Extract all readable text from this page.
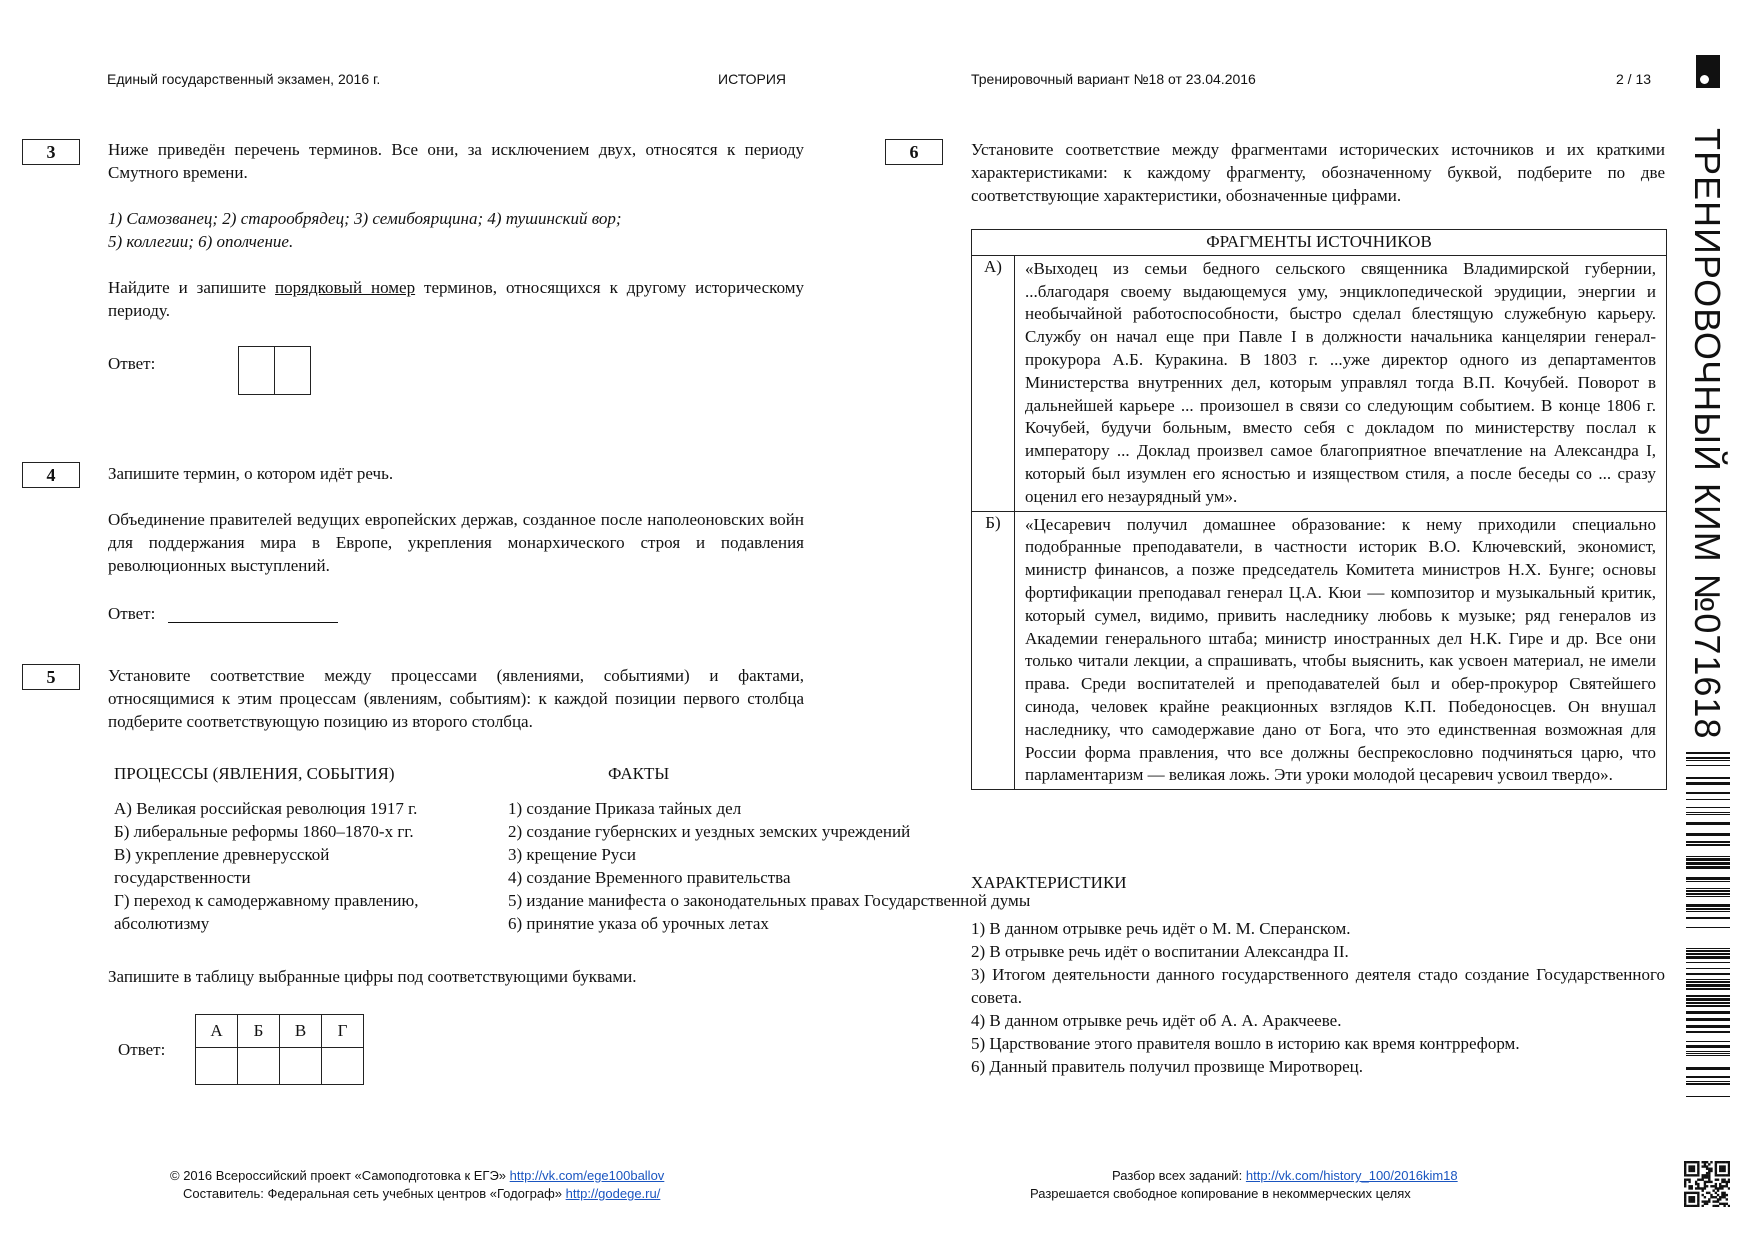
Единый государственный экзамен, 2016 г.	ИСТОРИЯ	Тренировочный вариант №18 от 23.04.2016	2 / 13
ТРЕНИРОВОЧНЫЙ КИМ №071618
3	Ниже приведён перечень терминов. Все они, за исключением двух, относятся к периоду Смутного времени.
1) Самозванец; 2) старообрядец; 3) семибоярщина; 4) тушинский вор;
5) коллегии; 6) ополчение.
Найдите и запишите порядковый номер терминов, относящихся к другому историческому периоду.
Ответ:
4	Запишите термин, о котором идёт речь.
Объединение правителей ведущих европейских держав, созданное после наполеоновских войн для поддержания мира в Европе, укрепления монархического строя и подавления революционных выступлений.
Ответ:
5	Установите соответствие между процессами (явлениями, событиями) и фактами, относящимися к этим процессам (явлениям, событиям): к каждой позиции первого столбца подберите соответствующую позицию из второго столбца.
ПРОЦЕССЫ (ЯВЛЕНИЯ, СОБЫТИЯ)	ФАКТЫ
А) Великая российская революция 1917 г.
Б) либеральные реформы 1860–1870-х гг.
В) укрепление древнерусской государственности
Г) переход к самодержавному правлению, абсолютизму
1) создание Приказа тайных дел
2) создание губернских и уездных земских учреждений
3) крещение Руси
4) создание Временного правительства
5) издание манифеста о законодательных правах Государственной думы
6) принятие указа об урочных летах
Запишите в таблицу выбранные цифры под соответствующими буквами.
Ответ:
А	Б	В	Г

6	Установите соответствие между фрагментами исторических источников и их краткими характеристиками: к каждому фрагменту, обозначенному буквой, подберите по две соответствующие характеристики, обозначенные цифрами.
ФРАГМЕНТЫ ИСТОЧНИКОВ	
А)	«Выходец из семьи бедного сельского священника Владимирской губернии, ...благодаря своему выдающемуся уму, энциклопедической эрудиции, энергии и необычайной работоспособности, быстро сделал блестящую служебную карьеру. Службу он начал еще при Павле I в должности начальника канцелярии генерал-прокурора А.Б. Куракина. В 1803 г. ...уже директор одного из департаментов Министерства внутренних дел, которым управлял тогда В.П. Кочубей. Поворот в дальнейшей карьере ... произошел в связи со следующим событием. В конце 1806 г. Кочубей, будучи больным, вместо себя с докладом по министерству послал к императору ... Доклад произвел самое благоприятное впечатление на Александра I, который был изумлен его ясностью и изяществом стиля, а после беседы со ... сразу оценил его незаурядный ум».
Б)	«Цесаревич получил домашнее образование: к нему приходили специально подобранные преподаватели, в частности историк В.О. Ключевский, экономист, министр финансов, а позже председатель Комитета министров Н.Х. Бунге; основы фортификации преподавал генерал Ц.А. Кюи — композитор и музыкальный критик, который сумел, видимо, привить наследнику любовь к музыке; ряд генералов из Академии генерального штаба; министр иностранных дел Н.К. Гире и др. Все они только читали лекции, а спрашивать, чтобы выяснить, как усвоен материал, не имели права. Среди воспитателей и преподавателей был и обер-прокурор Святейшего синода, человек крайне реакционных взглядов К.П. Победоносцев. Он внушал наследнику, что самодержавие дано от Бога, что это единственная возможная для России форма правления, что все должны беспрекословно подчиняться царю, что парламентаризм — великая ложь. Эти уроки молодой цесаревич усвоил твердо».
ХАРАКТЕРИСТИКИ
1) В данном отрывке речь идёт о М. М. Сперанском.
2) В отрывке речь идёт о воспитании Александра II.
3) Итогом деятельности данного государственного деятеля стадо создание Государственного совета.
4) В данном отрывке речь идёт об А. А. Аракчееве.
5) Царствование этого правителя вошло в историю как время контрреформ.
6) Данный правитель получил прозвище Миротворец.
© 2016 Всероссийский проект «Самоподготовка к ЕГЭ» http://vk.com/ege100ballov
Составитель: Федеральная сеть учебных центров «Годограф» http://godege.ru/
Разбор всех заданий: http://vk.com/history_100/2016kim18
Разрешается свободное копирование в некоммерческих целях
